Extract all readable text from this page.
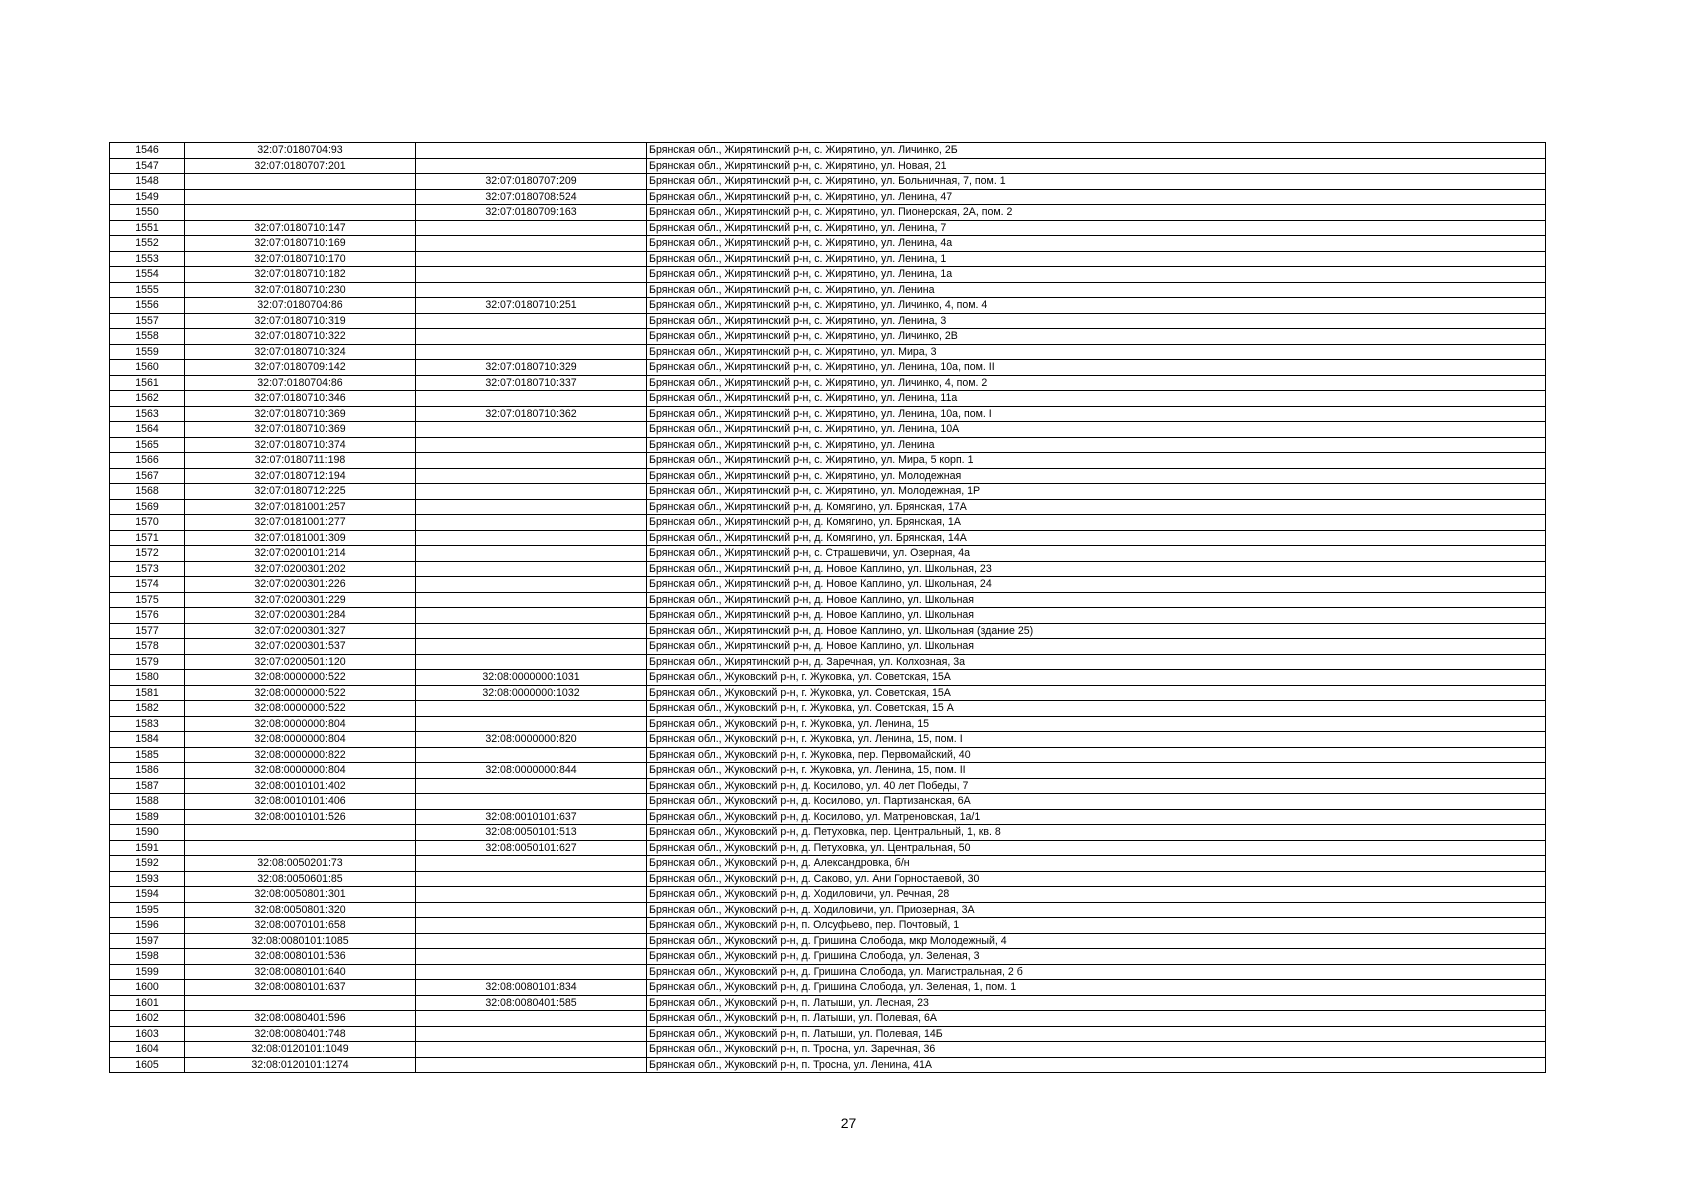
1546	32:07:0180704:93		Брянская обл., Жирятинский р-н, с. Жирятино, ул. Личинко, 2Б
1547	32:07:0180707:201		Брянская обл., Жирятинский р-н, с. Жирятино, ул. Новая, 21
1548		32:07:0180707:209	Брянская обл., Жирятинский р-н, с. Жирятино, ул. Больничная, 7, пом. 1
1549		32:07:0180708:524	Брянская обл., Жирятинский р-н, с. Жирятино, ул. Ленина, 47
1550		32:07:0180709:163	Брянская обл., Жирятинский р-н, с. Жирятино, ул. Пионерская, 2А, пом. 2
1551	32:07:0180710:147		Брянская обл., Жирятинский р-н, с. Жирятино, ул. Ленина, 7
1552	32:07:0180710:169		Брянская обл., Жирятинский р-н, с. Жирятино, ул. Ленина, 4а
1553	32:07:0180710:170		Брянская обл., Жирятинский р-н, с. Жирятино, ул. Ленина, 1
1554	32:07:0180710:182		Брянская обл., Жирятинский р-н, с. Жирятино, ул. Ленина, 1а
1555	32:07:0180710:230		Брянская обл., Жирятинский р-н, с. Жирятино, ул. Ленина
1556	32:07:0180704:86	32:07:0180710:251	Брянская обл., Жирятинский р-н, с. Жирятино, ул. Личинко, 4, пом. 4
1557	32:07:0180710:319		Брянская обл., Жирятинский р-н, с. Жирятино, ул. Ленина, 3
1558	32:07:0180710:322		Брянская обл., Жирятинский р-н, с. Жирятино, ул. Личинко, 2В
1559	32:07:0180710:324		Брянская обл., Жирятинский р-н, с. Жирятино, ул. Мира, 3
1560	32:07:0180709:142	32:07:0180710:329	Брянская обл., Жирятинский р-н, с. Жирятино, ул. Ленина, 10а, пом. II
1561	32:07:0180704:86	32:07:0180710:337	Брянская обл., Жирятинский р-н, с. Жирятино, ул. Личинко, 4, пом. 2
1562	32:07:0180710:346		Брянская обл., Жирятинский р-н, с. Жирятино, ул. Ленина, 11а
1563	32:07:0180710:369	32:07:0180710:362	Брянская обл., Жирятинский р-н, с. Жирятино, ул. Ленина, 10а, пом. I
1564	32:07:0180710:369		Брянская обл., Жирятинский р-н, с. Жирятино, ул. Ленина, 10А
1565	32:07:0180710:374		Брянская обл., Жирятинский р-н, с. Жирятино, ул. Ленина
1566	32:07:0180711:198		Брянская обл., Жирятинский р-н, с. Жирятино, ул. Мира, 5 корп. 1
1567	32:07:0180712:194		Брянская обл., Жирятинский р-н, с. Жирятино, ул. Молодежная
1568	32:07:0180712:225		Брянская обл., Жирятинский р-н, с. Жирятино, ул. Молодежная, 1Р
1569	32:07:0181001:257		Брянская обл., Жирятинский р-н, д. Комягино, ул. Брянская, 17А
1570	32:07:0181001:277		Брянская обл., Жирятинский р-н, д. Комягино, ул. Брянская, 1А
1571	32:07:0181001:309		Брянская обл., Жирятинский р-н, д. Комягино, ул. Брянская, 14А
1572	32:07:0200101:214		Брянская обл., Жирятинский р-н, с. Страшевичи, ул. Озерная, 4а
1573	32:07:0200301:202		Брянская обл., Жирятинский р-н, д. Новое Каплино, ул. Школьная, 23
1574	32:07:0200301:226		Брянская обл., Жирятинский р-н, д. Новое Каплино, ул. Школьная, 24
1575	32:07:0200301:229		Брянская обл., Жирятинский р-н, д. Новое Каплино, ул. Школьная
1576	32:07:0200301:284		Брянская обл., Жирятинский р-н, д. Новое Каплино, ул. Школьная
1577	32:07:0200301:327		Брянская обл., Жирятинский р-н, д. Новое Каплино, ул. Школьная (здание 25)
1578	32:07:0200301:537		Брянская обл., Жирятинский р-н, д. Новое Каплино, ул. Школьная
1579	32:07:0200501:120		Брянская обл., Жирятинский р-н, д. Заречная, ул. Колхозная, 3а
1580	32:08:0000000:522	32:08:0000000:1031	Брянская обл., Жуковский р-н, г. Жуковка, ул. Советская, 15А
1581	32:08:0000000:522	32:08:0000000:1032	Брянская обл., Жуковский р-н, г. Жуковка, ул. Советская, 15А
1582	32:08:0000000:522		Брянская обл., Жуковский р-н, г. Жуковка, ул. Советская, 15 А
1583	32:08:0000000:804		Брянская обл., Жуковский р-н, г. Жуковка, ул. Ленина, 15
1584	32:08:0000000:804	32:08:0000000:820	Брянская обл., Жуковский р-н, г. Жуковка, ул. Ленина, 15, пом. I
1585	32:08:0000000:822		Брянская обл., Жуковский р-н, г. Жуковка, пер. Первомайский, 40
1586	32:08:0000000:804	32:08:0000000:844	Брянская обл., Жуковский р-н, г. Жуковка, ул. Ленина, 15, пом. II
1587	32:08:0010101:402		Брянская обл., Жуковский р-н, д. Косилово, ул. 40 лет Победы, 7
1588	32:08:0010101:406		Брянская обл., Жуковский р-н, д. Косилово, ул. Партизанская, 6А
1589	32:08:0010101:526	32:08:0010101:637	Брянская обл., Жуковский р-н, д. Косилово, ул. Матреновская, 1а/1
1590		32:08:0050101:513	Брянская обл., Жуковский р-н, д. Петуховка, пер. Центральный, 1, кв. 8
1591		32:08:0050101:627	Брянская обл., Жуковский р-н, д. Петуховка, ул. Центральная, 50
1592	32:08:0050201:73		Брянская обл., Жуковский р-н, д. Александровка, б/н
1593	32:08:0050601:85		Брянская обл., Жуковский р-н, д. Саково, ул. Ани Горностаевой, 30
1594	32:08:0050801:301		Брянская обл., Жуковский р-н, д. Ходиловичи, ул. Речная, 28
1595	32:08:0050801:320		Брянская обл., Жуковский р-н, д. Ходиловичи, ул. Приозерная, 3А
1596	32:08:0070101:658		Брянская обл., Жуковский р-н, п. Олсуфьево, пер. Почтовый, 1
1597	32:08:0080101:1085		Брянская обл., Жуковский р-н, д. Гришина Слобода, мкр Молодежный, 4
1598	32:08:0080101:536		Брянская обл., Жуковский р-н, д. Гришина Слобода, ул. Зеленая, 3
1599	32:08:0080101:640		Брянская обл., Жуковский р-н, д. Гришина Слобода, ул. Магистральная, 2 б
1600	32:08:0080101:637	32:08:0080101:834	Брянская обл., Жуковский р-н, д. Гришина Слобода, ул. Зеленая, 1, пом. 1
1601		32:08:0080401:585	Брянская обл., Жуковский р-н, п. Латыши, ул. Лесная, 23
1602	32:08:0080401:596		Брянская обл., Жуковский р-н, п. Латыши, ул. Полевая, 6А
1603	32:08:0080401:748		Брянская обл., Жуковский р-н, п. Латыши, ул. Полевая, 14Б
1604	32:08:0120101:1049		Брянская обл., Жуковский р-н, п. Тросна, ул. Заречная, 36
1605	32:08:0120101:1274		Брянская обл., Жуковский р-н, п. Тросна, ул. Ленина, 41А
27
